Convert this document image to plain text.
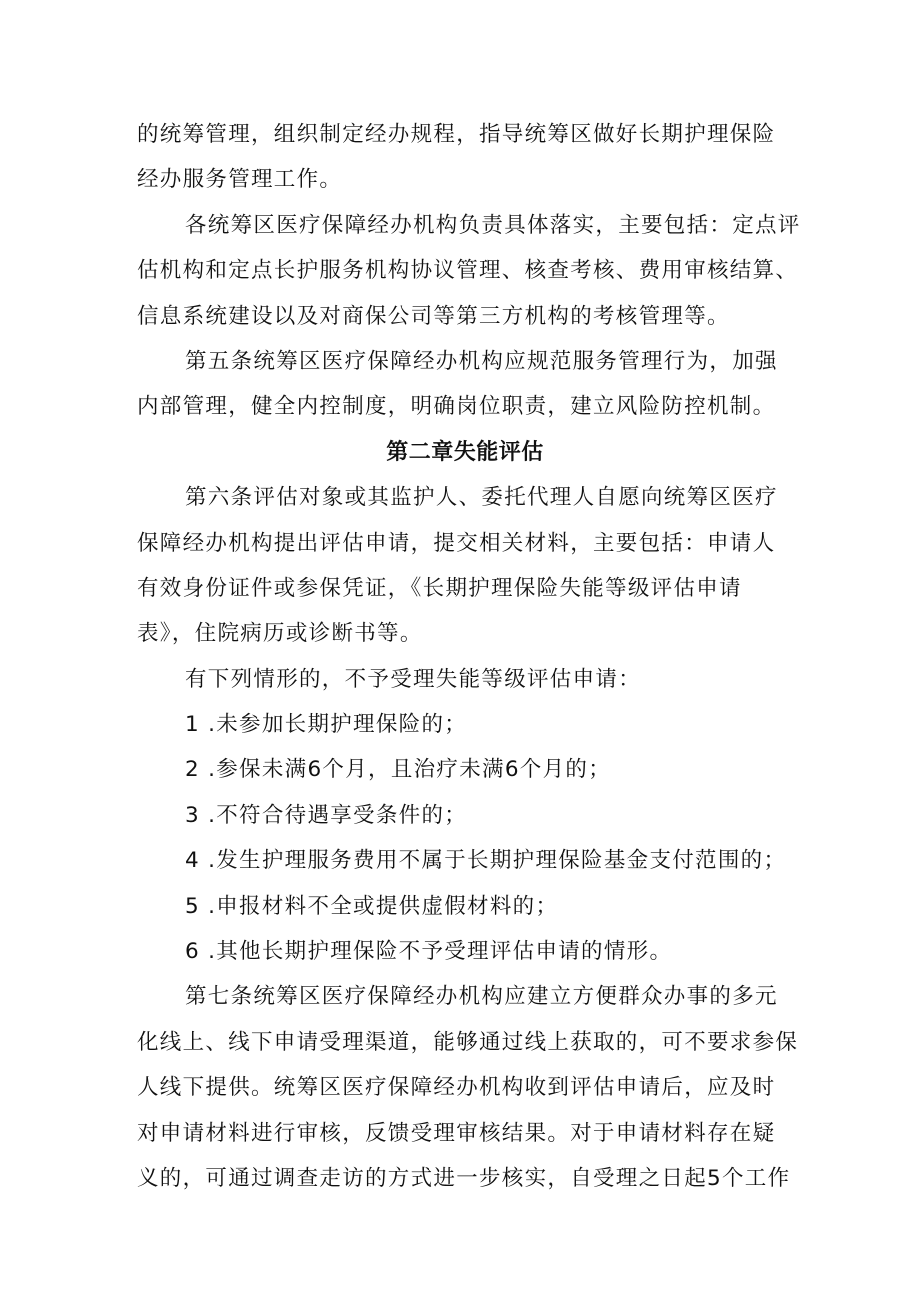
的统筹管理，组织制定经办规程，指导统筹区做好长期护理保险
经办服务管理工作。
各统筹区医疗保障经办机构负责具体落实，主要包括：定点评
估机构和定点长护服务机构协议管理、核查考核、费用审核结算、
信息系统建设以及对商保公司等第三方机构的考核管理等。
第五条统筹区医疗保障经办机构应规范服务管理行为，加强
内部管理，健全内控制度，明确岗位职责，建立风险防控机制。
第二章失能评估
第六条评估对象或其监护人、委托代理人自愿向统筹区医疗
保障经办机构提出评估申请，提交相关材料，主要包括：申请人
有效身份证件或参保凭证，《长期护理保险失能等级评估申请
表》，住院病历或诊断书等。
有下列情形的，不予受理失能等级评估申请：
1 .未参加长期护理保险的；
2 .参保未满6个月，且治疗未满6个月的；
3 .不符合待遇享受条件的；
4 .发生护理服务费用不属于长期护理保险基金支付范围的；
5 .申报材料不全或提供虚假材料的；
6 .其他长期护理保险不予受理评估申请的情形。
第七条统筹区医疗保障经办机构应建立方便群众办事的多元
化线上、线下申请受理渠道，能够通过线上获取的，可不要求参保
人线下提供。统筹区医疗保障经办机构收到评估申请后，应及时
对申请材料进行审核，反馈受理审核结果。对于申请材料存在疑
义的，可通过调查走访的方式进一步核实，自受理之日起5个工作
